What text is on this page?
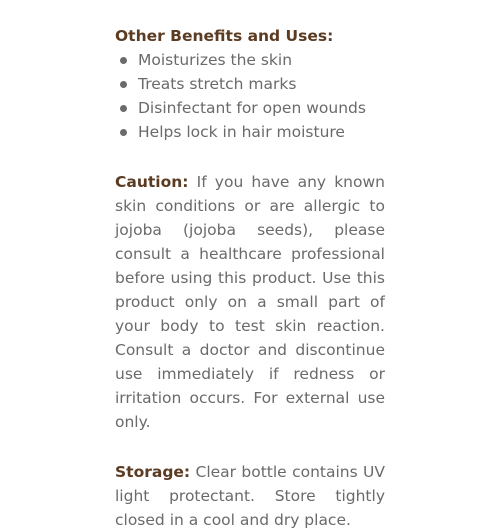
Other Benefits and Uses:
Moisturizes the skin
Treats stretch marks
Disinfectant for open wounds
Helps lock in hair moisture

Caution: If you have any known skin conditions or are allergic to jojoba (jojoba seeds), please consult a healthcare professional before using this product. Use this product only on a small part of your body to test skin reaction. Consult a doctor and discontinue use immediately if redness or irritation occurs. For external use only.

Storage: Clear bottle contains UV light protectant. Store tightly closed in a cool and dry place.
